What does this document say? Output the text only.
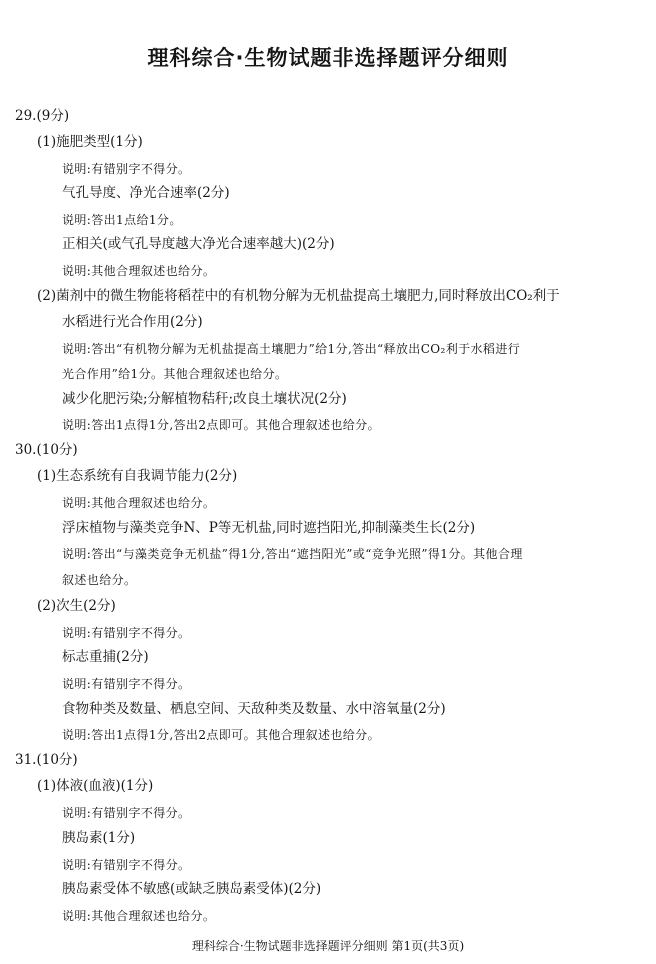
理科综合·生物试题非选择题评分细则
29.(9分)
(1)施肥类型(1分)
说明:有错别字不得分。
气孔导度、净光合速率(2分)
说明:答出1点给1分。
正相关(或气孔导度越大净光合速率越大)(2分)
说明:其他合理叙述也给分。
(2)菌剂中的微生物能将稻茬中的有机物分解为无机盐提高土壤肥力,同时释放出CO₂利于
水稻进行光合作用(2分)
说明:答出“有机物分解为无机盐提高土壤肥力”给1分,答出“释放出CO₂利于水稻进行
光合作用”给1分。其他合理叙述也给分。
减少化肥污染;分解植物秸秆;改良土壤状况(2分)
说明:答出1点得1分,答出2点即可。其他合理叙述也给分。
30.(10分)
(1)生态系统有自我调节能力(2分)
说明:其他合理叙述也给分。
浮床植物与藻类竞争N、P等无机盐,同时遮挡阳光,抑制藻类生长(2分)
说明:答出“与藻类竞争无机盐”得1分,答出“遮挡阳光”或“竞争光照”得1分。其他合理
叙述也给分。
(2)次生(2分)
说明:有错别字不得分。
标志重捕(2分)
说明:有错别字不得分。
食物种类及数量、栖息空间、天敌种类及数量、水中溶氧量(2分)
说明:答出1点得1分,答出2点即可。其他合理叙述也给分。
31.(10分)
(1)体液(血液)(1分)
说明:有错别字不得分。
胰岛素(1分)
说明:有错别字不得分。
胰岛素受体不敏感(或缺乏胰岛素受体)(2分)
说明:其他合理叙述也给分。
理科综合·生物试题非选择题评分细则 第1页(共3页)
